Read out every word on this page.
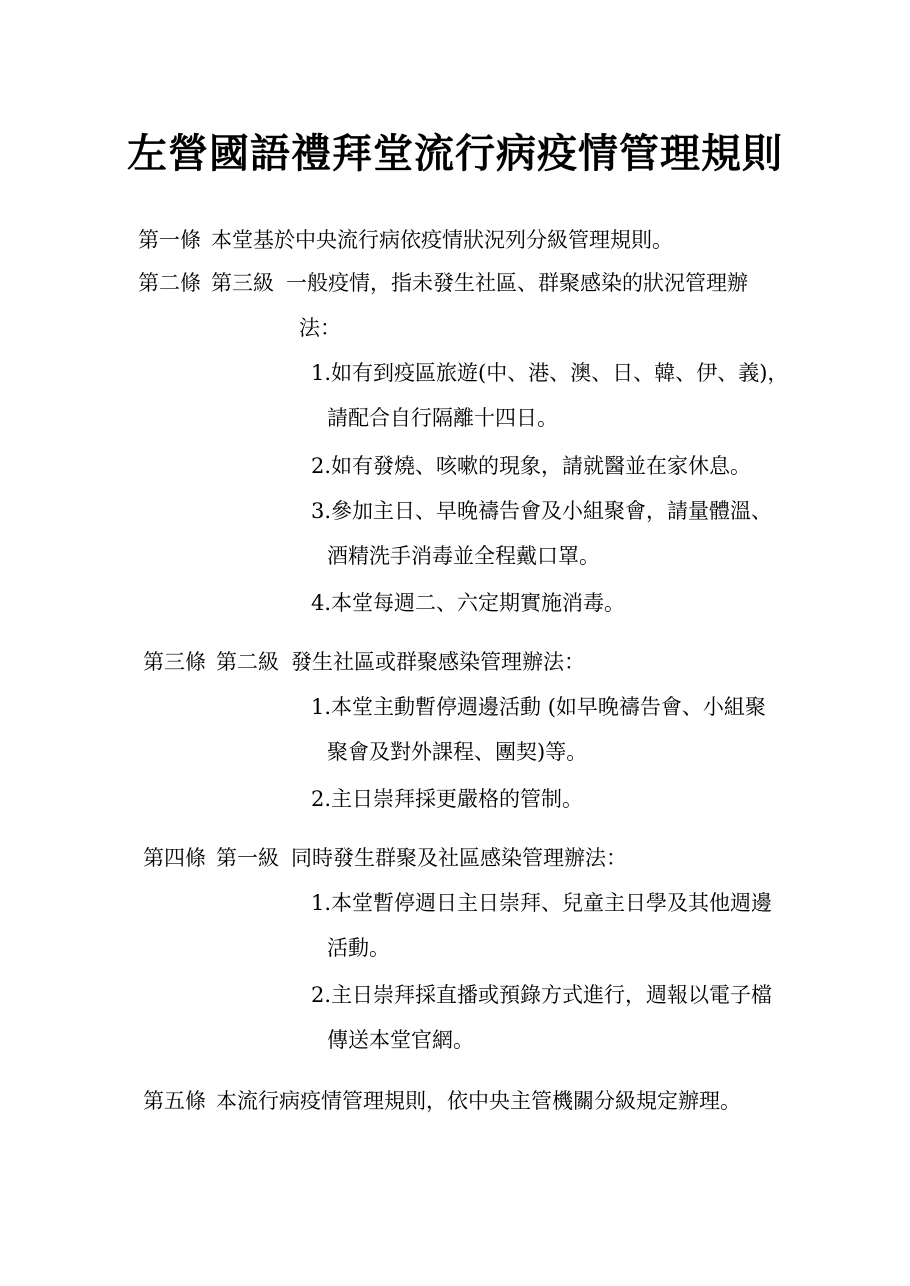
左營國語禮拜堂流行病疫情管理規則
第一條 本堂基於中央流行病依疫情狀況列分級管理規則。
第二條 第三級 一般疫情，指未發生社區、群聚感染的狀況管理辦
法：
1.如有到疫區旅遊(中、港、澳、日、韓、伊、義)，
請配合自行隔離十四日。
2.如有發燒、咳嗽的現象，請就醫並在家休息。
3.參加主日、早晚禱告會及小組聚會，請量體溫、
酒精洗手消毒並全程戴口罩。
4.本堂每週二、六定期實施消毒。
第三條 第二級 發生社區或群聚感染管理辦法：
1.本堂主動暫停週邊活動 (如早晚禱告會、小組聚
聚會及對外課程、團契)等。
2.主日崇拜採更嚴格的管制。
第四條 第一級 同時發生群聚及社區感染管理辦法：
1.本堂暫停週日主日崇拜、兒童主日學及其他週邊
活動。
2.主日崇拜採直播或預錄方式進行，週報以電子檔
傳送本堂官網。
第五條 本流行病疫情管理規則，依中央主管機關分級規定辦理。
